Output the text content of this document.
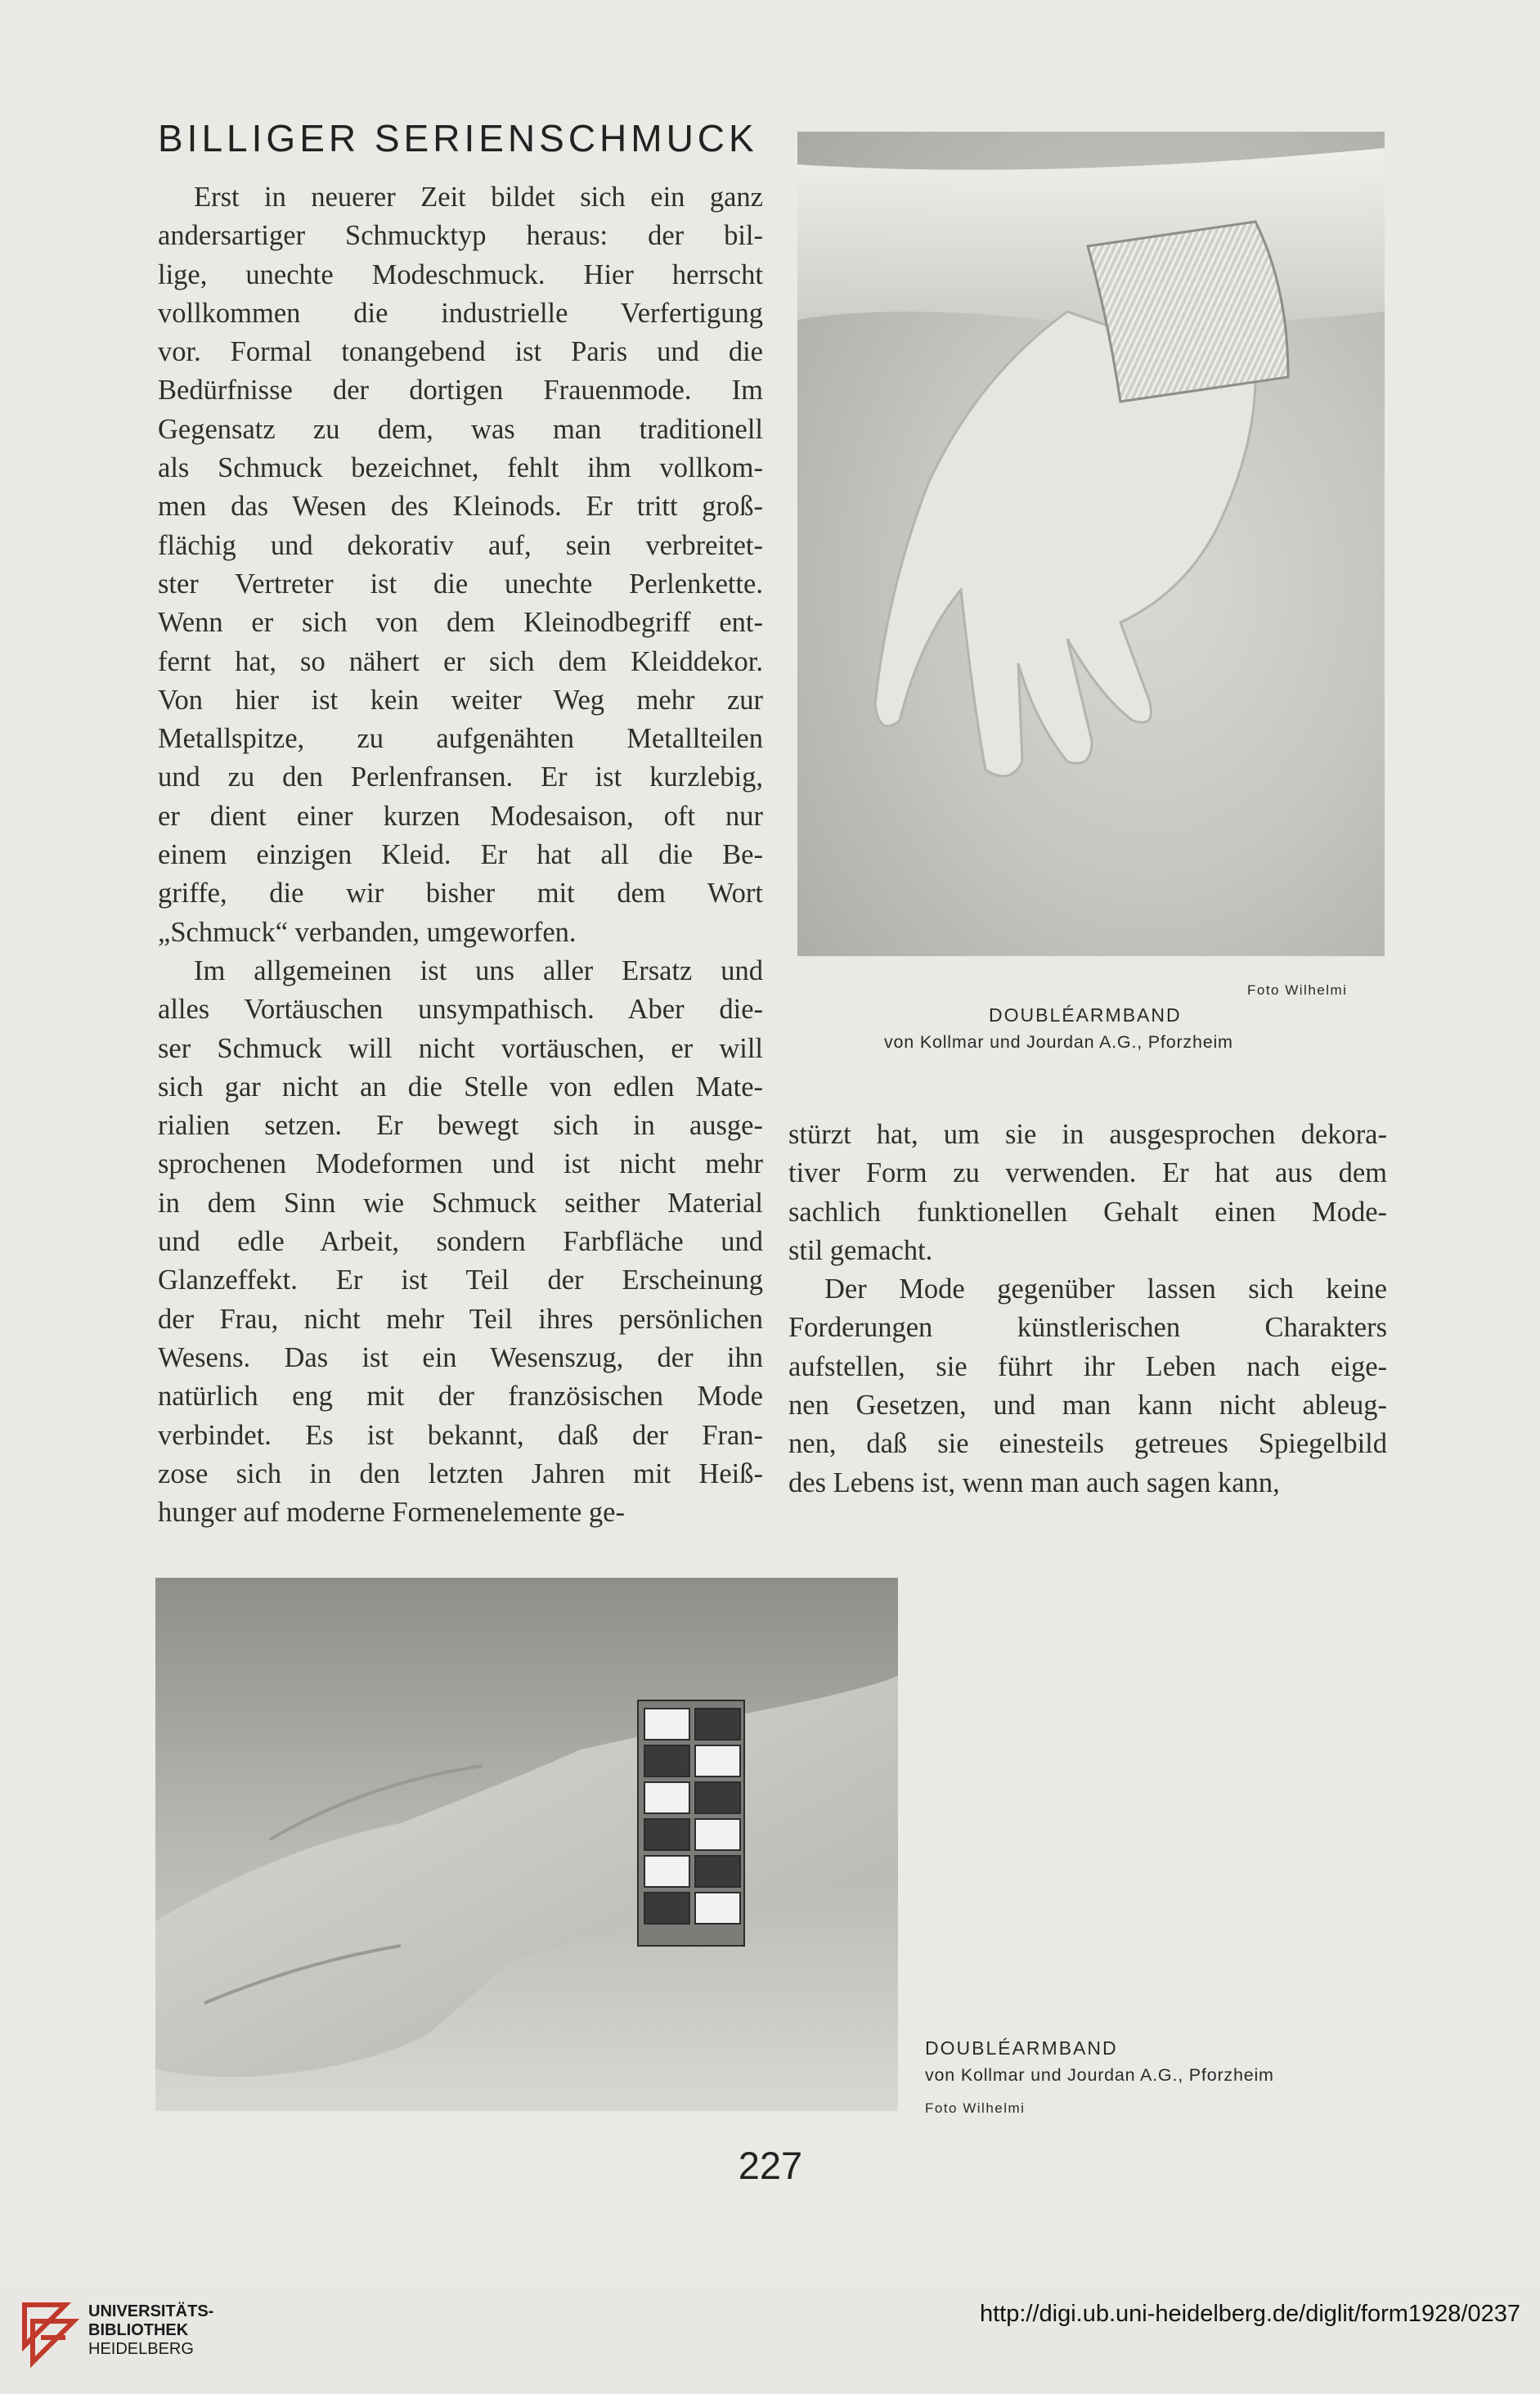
BILLIGER SERIENSCHMUCK
Erst in neuerer Zeit bildet sich ein ganz
andersartiger Schmucktyp heraus: der bil-
lige, unechte Modeschmuck. Hier herrscht
vollkommen die industrielle Verfertigung
vor. Formal tonangebend ist Paris und die
Bedürfnisse der dortigen Frauenmode. Im
Gegensatz zu dem, was man traditionell
als Schmuck bezeichnet, fehlt ihm vollkom-
men das Wesen des Kleinods. Er tritt groß-
flächig und dekorativ auf, sein verbreitet-
ster Vertreter ist die unechte Perlenkette.
Wenn er sich von dem Kleinodbegriff ent-
fernt hat, so nähert er sich dem Kleiddekor.
Von hier ist kein weiter Weg mehr zur
Metallspitze, zu aufgenähten Metallteilen
und zu den Perlenfransen. Er ist kurzlebig,
er dient einer kurzen Modesaison, oft nur
einem einzigen Kleid. Er hat all die Be-
griffe, die wir bisher mit dem Wort
„Schmuck“ verbanden, umgeworfen.
Im allgemeinen ist uns aller Ersatz und
alles Vortäuschen unsympathisch. Aber die-
ser Schmuck will nicht vortäuschen, er will
sich gar nicht an die Stelle von edlen Mate-
rialien setzen. Er bewegt sich in ausge-
sprochenen Modeformen und ist nicht mehr
in dem Sinn wie Schmuck seither Material
und edle Arbeit, sondern Farbfläche und
Glanzeffekt. Er ist Teil der Erscheinung
der Frau, nicht mehr Teil ihres persönlichen
Wesens. Das ist ein Wesenszug, der ihn
natürlich eng mit der französischen Mode
verbindet. Es ist bekannt, daß der Fran-
zose sich in den letzten Jahren mit Heiß-
hunger auf moderne Formenelemente ge-
Foto Wilhelmi
DOUBLÉARMBAND
von Kollmar und Jourdan A.G., Pforzheim
stürzt hat, um sie in ausgesprochen dekora-
tiver Form zu verwenden. Er hat aus dem
sachlich funktionellen Gehalt einen Mode-
stil gemacht.
Der Mode gegenüber lassen sich keine
Forderungen künstlerischen Charakters
aufstellen, sie führt ihr Leben nach eige-
nen Gesetzen, und man kann nicht ableug-
nen, daß sie einesteils getreues Spiegelbild
des Lebens ist, wenn man auch sagen kann,
DOUBLÉARMBAND
von Kollmar und Jourdan A.G., Pforzheim
Foto Wilhelmi
227
UNIVERSITÄTS-
BIBLIOTHEK
HEIDELBERG
http://digi.ub.uni-heidelberg.de/diglit/form1928/0237
